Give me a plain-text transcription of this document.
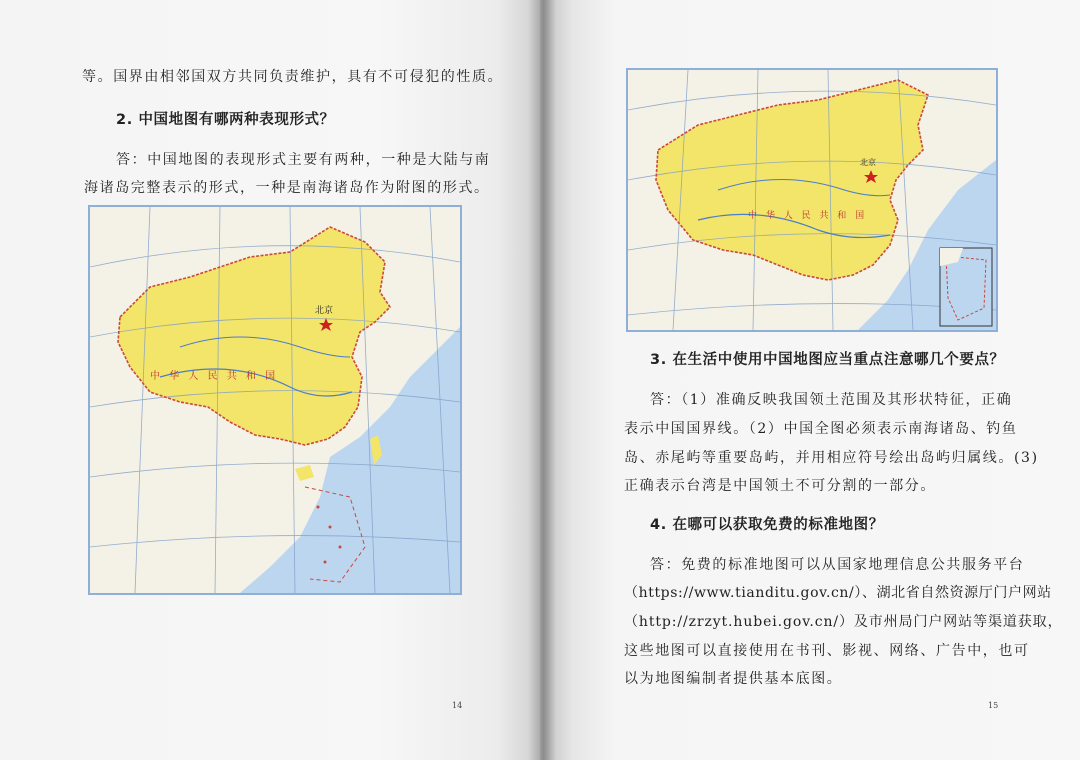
等。国界由相邻国双方共同负责维护，具有不可侵犯的性质。
2. 中国地图有哪两种表现形式？
答：中国地图的表现形式主要有两种，一种是大陆与南
海诸岛完整表示的形式，一种是南海诸岛作为附图的形式。
北京
中 华 人 民 共 和 国
14
北京
中 华 人 民 共 和 国
3. 在生活中使用中国地图应当重点注意哪几个要点？
答：（1）准确反映我国领土范围及其形状特征，正确
表示中国国界线。（2）中国全图必须表示南海诸岛、钓鱼
岛、赤尾屿等重要岛屿，并用相应符号绘出岛屿归属线。(3)
正确表示台湾是中国领土不可分割的一部分。
4. 在哪可以获取免费的标准地图？
答：免费的标准地图可以从国家地理信息公共服务平台
（https://www.tianditu.gov.cn/）、湖北省自然资源厅门户网站
（http://zrzyt.hubei.gov.cn/）及市州局门户网站等渠道获取，
这些地图可以直接使用在书刊、影视、网络、广告中，也可
以为地图编制者提供基本底图。
15
